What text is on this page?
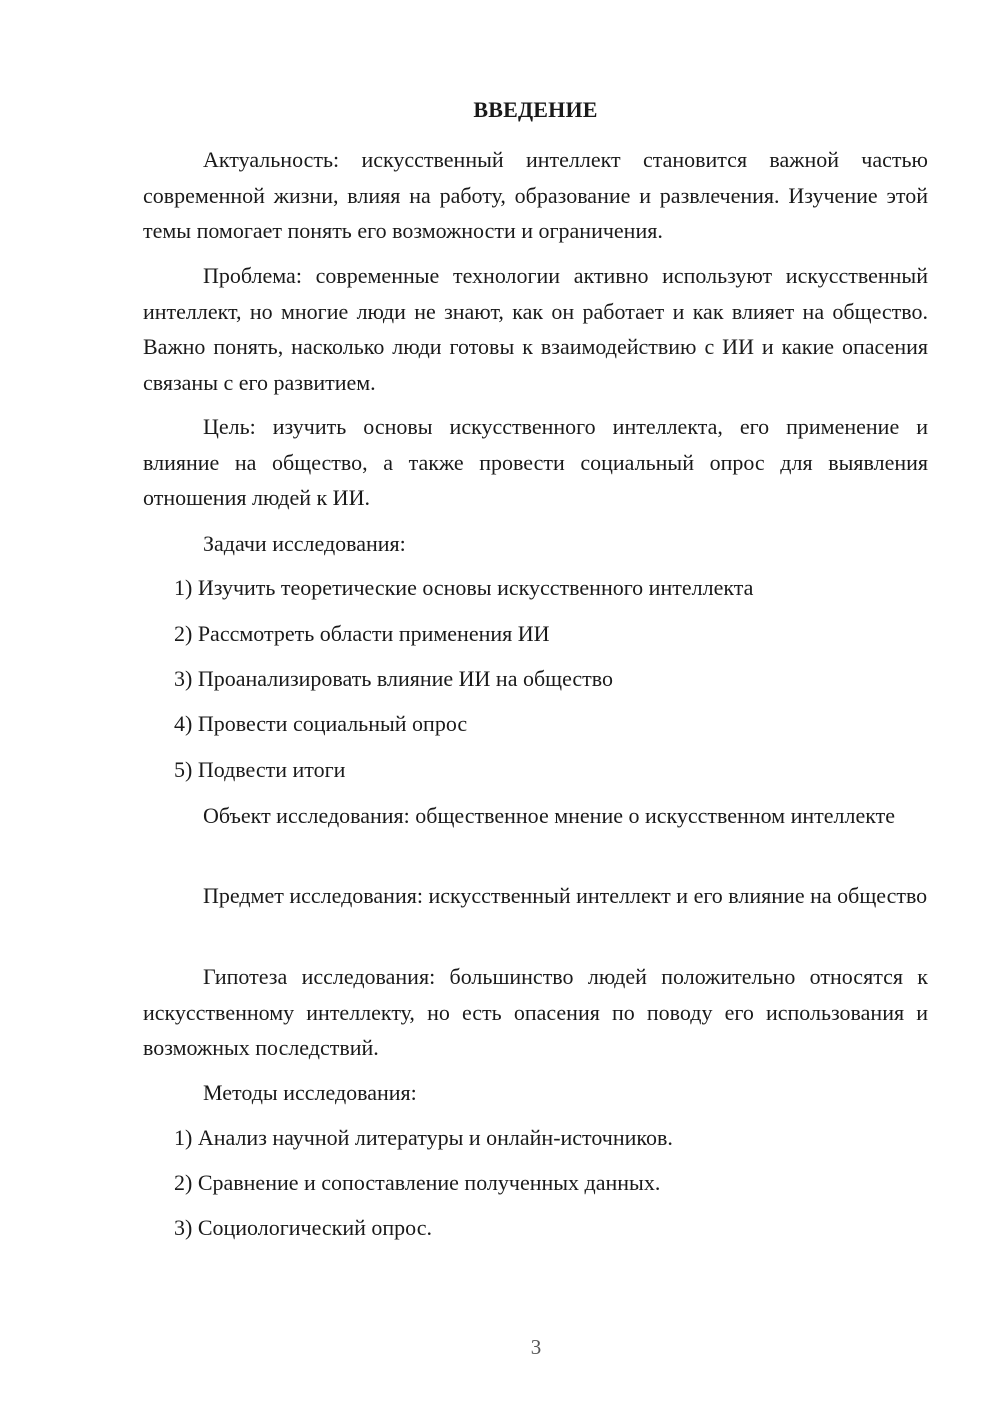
ВВЕДЕНИЕ

Актуальность: искусственный интеллект становится важной частью современной жизни, влияя на работу, образование и развлечения. Изучение этой темы помогает понять его возможности и ограничения.

Проблема: современные технологии активно используют искусственный интеллект, но многие люди не знают, как он работает и как влияет на общество. Важно понять, насколько люди готовы к взаимодействию с ИИ и какие опасения связаны с его развитием.

Цель: изучить основы искусственного интеллекта, его применение и влияние на общество, а также провести социальный опрос для выявления отношения людей к ИИ.

Задачи исследования:

1) Изучить теоретические основы искусственного интеллекта
2) Рассмотреть области применения ИИ
3) Проанализировать влияние ИИ на общество
4) Провести социальный опрос
5) Подвести итоги

Объект исследования: общественное мнение о искусственном интеллекте

Предмет исследования: искусственный интеллект и его влияние на общество

Гипотеза исследования: большинство людей положительно относятся к искусственному интеллекту, но есть опасения по поводу его использования и возможных последствий.

Методы исследования:

1) Анализ научной литературы и онлайн-источников.
2) Сравнение и сопоставление полученных данных.
3) Социологический опрос.
3
